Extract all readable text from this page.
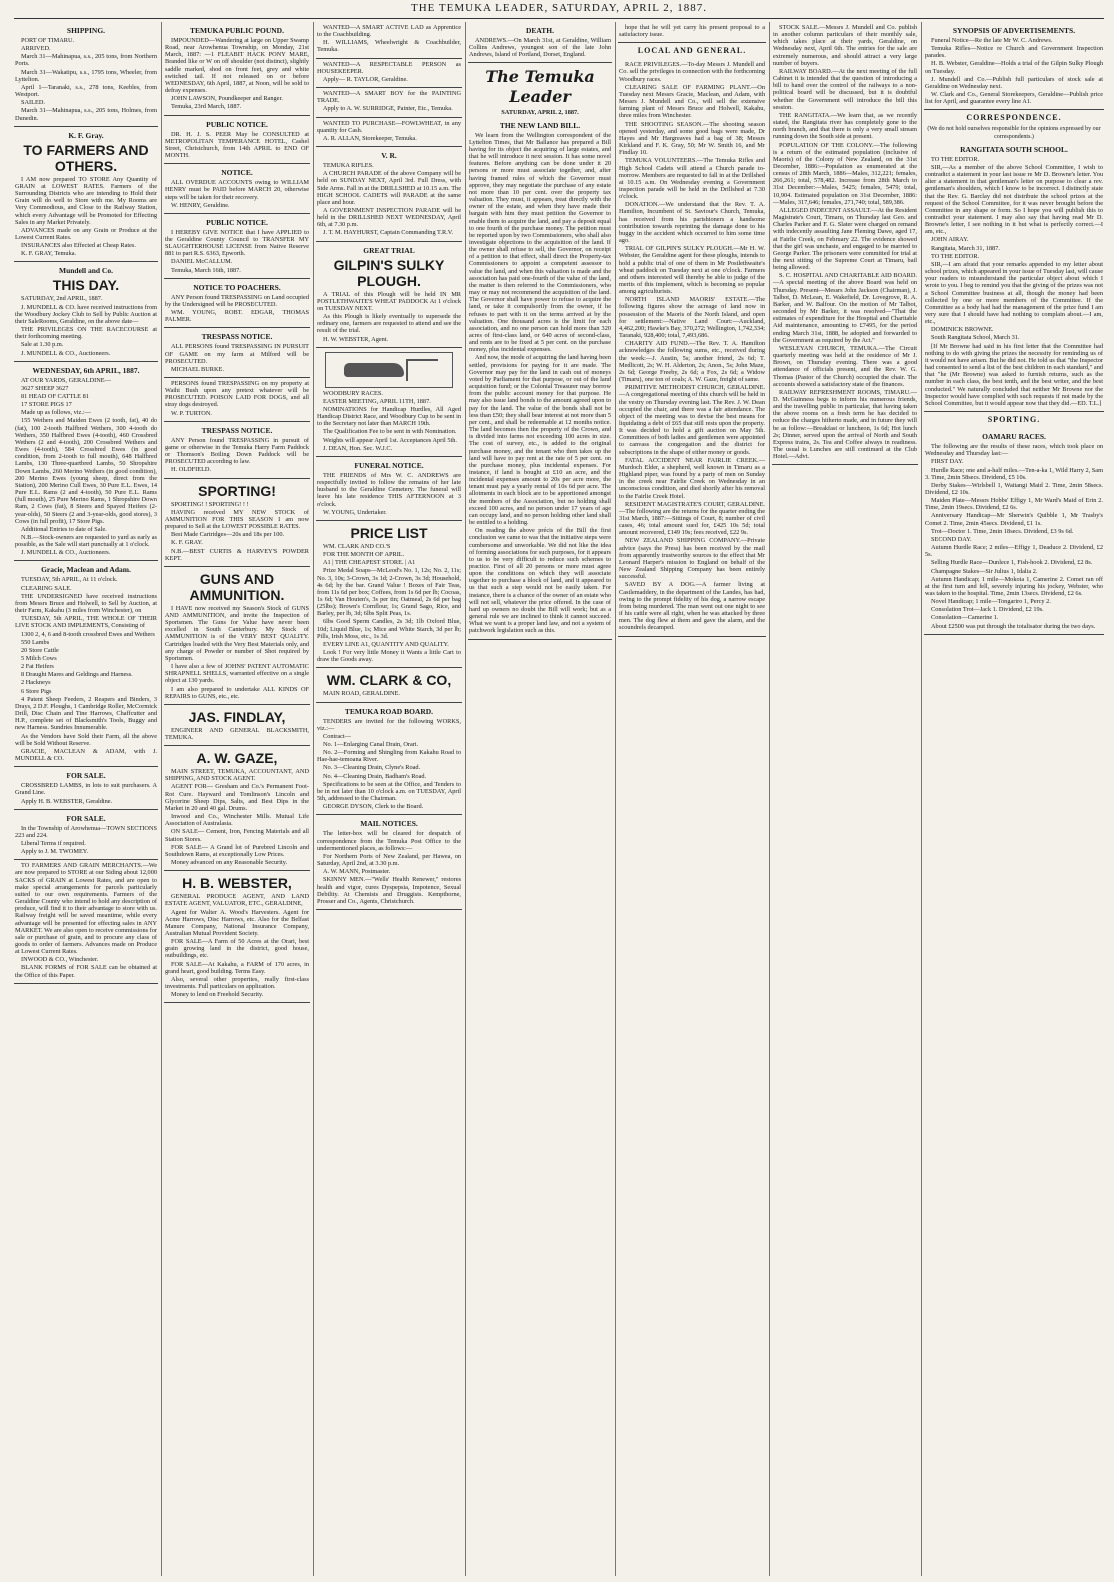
THE TEMUKA LEADER, SATURDAY, APRIL 2, 1887.
SHIPPING.

PORT OF TIMARU.

ARRIVED.

March 31—Mahinapua, s.s., 205 tons, from Northern Ports.

March 31—Wakatipu, s.s., 1795 tons, Wheeler, from Lyttelton.

April 1—Taranaki, s.s., 278 tons, Keebles, from Westport.

SAILED.

March 31—Mahinapua, s.s., 205 tons, Holmes, from Dunedin.

K. F. Gray.
TO FARMERS AND OTHERS.

I AM now prepared TO STORE Any Quantity of GRAIN at LOWEST RATES. Farmers of the Surrounding Districts who are intending to Hold their Grain will do well to Store with me. My Rooms are Very Commodious, and Close to the Railway Station, which every Advantage will be Promoted for Effecting Sales in any Market Privately.

ADVANCES made on any Grain or Produce at the Lowest Current Rates.

INSURANCES also Effected at Cheap Rates.

K. F. GRAY, Temuka.

Mundell and Co.
THIS DAY.

SATURDAY, 2nd APRIL, 1887.

J. MUNDELL & CO. have received instructions from the Woodbury Jockey Club to Sell by Public Auction at their SaleRooms, Geraldine, on the above date—

THE PRIVILEGES ON THE RACECOURSE at their forthcoming meeting.

Sale at 1.30 p.m.

J. MUNDELL & CO., Auctioneers.

WEDNESDAY, 6th APRIL, 1887.

AT OUR YARDS, GERALDINE—

3627 SHEEP 3627

81 HEAD OF CATTLE 81

17 STORE PIGS 17

Made up as follows, viz.:—

155 Wethers and Maiden Ewes (2 tooth, fat), 40 do (fat), 100 2-tooth Halfbred Wethers, 300 4-tooth do Wethers, 350 Halfbred Ewes (4-tooth), 460 Crossbred Wethers (2 and 4-tooth), 200 Crossbred Wethers and Ewes (4-tooth), 584 Crossbred Ewes (in good condition, from 2-tooth to full mouth), 648 Halfbred Lambs, 130 Three-quartbred Lambs, 50 Shropshire Down Lambs, 260 Merino Wethers (in good condition), 200 Merino Ewes (young sheep, direct from the Station), 200 Merino Cull Ewes, 30 Pure E.L. Ewes, 14 Pure E.L. Rams (2 and 4-tooth), 50 Pure E.L. Rams (full mouth), 25 Pure Merino Rams, 1 Shropshire Down Ram, 2 Cows (fat), 8 Steers and Spayed Heifers (2-year-olds), 50 Steers (2 and 3-year-olds, good stores), 3 Cows (in full profit), 17 Store Pigs.

Additional Entries to date of Sale.

N.B.—Stock-owners are requested to yard as early as possible, as the Sale will start punctually at 1 o'clock.

J. MUNDELL & CO., Auctioneers.

Gracie, Maclean and Adam.

TUESDAY, 5th APRIL, At 11 o'clock.

CLEARING SALE.

THE UNDERSIGNED have received instructions from Messrs Bruce and Holwell, to Sell by Auction, at their Farm, Kakahu (3 miles from Winchester), on

TUESDAY, 5th APRIL, THE WHOLE OF THEIR LIVE STOCK AND IMPLEMENTS, Consisting of

1300 2, 4, 6 and 8-tooth crossbred Ewes and Wethers

550 Lambs

20 Store Cattle

5 Milch Cows

2 Fat Heifers

8 Draught Mares and Geldings and Harness.

2 Hackneys

6 Store Pigs

4 Patent Sheep Feeders, 2 Reapers and Binders, 3 Drays, 2 D.F. Ploughs, 1 Cambridge Roller, McCormick Drill, Disc Chain and Tine Harrows, Chaffcutter and H.P., complete set of Blacksmith's Tools, Buggy and new Harness. Sundries Innumerable.

As the Vendors have Sold their Farm, all the above will be Sold Without Reserve.

GRACIE, MACLEAN & ADAM, with J. MUNDELL & CO.

FOR SALE.

CROSSBRED LAMBS, in lots to suit purchasers. A Grand Line.

Apply H. B. WEBSTER, Geraldine.

FOR SALE.

In the Township of Arowhenua—TOWN SECTIONS 223 and 224.

Liberal Terms if required.

Apply to J. M. TWOMEY.

TO FARMERS AND GRAIN MERCHANTS.—We are now prepared to STORE at our Siding about 12,000 SACKS of GRAIN at Lowest Rates, and are open to make special arrangements for parcels particularly suited to our own requirements. Farmers of the Geraldine County who intend to hold any description of produce, will find it to their advantage to store with us. Railway freight will be saved meantime, while every advantage will be presented for effecting sales in ANY MARKET. We are also open to receive commissions for sale or purchase of grain, and to procure any class of goods to order of farmers. Advances made on Produce at Lowest Current Rates.

INWOOD & CO., Winchester.

BLANK FORMS of FOR SALE can be obtained at the Office of this Paper.

TEMUKA PUBLIC POUND.

IMPOUNDED—Wandering at large on Upper Swamp Road, near Arowhenua Township, on Monday, 21st March, 1887: —1 FLEABIT HACK PONY MARE, Branded like or W on off shoulder (not distinct), slightly saddle marked, shod on front feet, grey and white switched tail. If not released on or before WEDNESDAY, 6th April, 1887, at Noon, will be sold to defray expenses.

JOHN LAWSON, Poundkeeper and Ranger.

Temuka, 23rd March, 1887.

PUBLIC NOTICE.

DR. H. J. S. PEER May be CONSULTED at METROPOLITAN TEMPERANCE HOTEL, Cashel Street, Christchurch, from 14th APRIL to END OF MONTH.

NOTICE.

ALL OVERDUE ACCOUNTS owing to WILLIAM HENRY must be PAID before MARCH 20, otherwise steps will be taken for their recovery.

W. HENRY, Geraldine.

PUBLIC NOTICE.

I HEREBY GIVE NOTICE that I have APPLIED to the Geraldine County Council to TRANSFER MY SLAUGHTERHOUSE LICENSE from Native Reserve 881 to part R.S. 6363, Epworth.

DANIEL McCALLUM.

Temuka, March 16th, 1887.

NOTICE TO POACHERS.

ANY Person found TRESPASSING on Land occupied by the Undersigned will be PROSECUTED.

WM. YOUNG, ROBT. EDGAR, THOMAS PALMER.

TRESPASS NOTICE.

ALL PERSONS found TRESPASSING IN PURSUIT OF GAME on my farm at Milford will be PROSECUTED.

MICHAEL BURKE.

PERSONS found TRESPASSING on my property at Waihi Bush upon any pretext whatever will be PROSECUTED. POISON LAID FOR DOGS, and all stray dogs destroyed.

W. P. TURTON.

TRESPASS NOTICE.

ANY Person found TRESPASSING in pursuit of game or otherwise in the Temuka Harry Farm Paddock or Thomson's Boiling Down Paddock will be PROSECUTED according to law.

H. OLDFIELD.

SPORTING!

SPORTING! ! SPORTING! ! !

HAVING received MY NEW STOCK of AMMUNITION FOR THIS SEASON I am now prepared to Sell at the LOWEST POSSIBLE RATES.

Best Made Cartridges—20s and 18s per 100.

K. F. GRAY.

N.B.—BEST CURTIS & HARVEY'S POWDER KEPT.

GUNS AND AMMUNITION.

I HAVE now received my Season's Stock of GUNS AND AMMUNITION, and invite the Inspection of Sportsmen. The Guns for Value have never been excelled in South Canterbury. My Stock of AMMUNITION is of the VERY BEST QUALITY. Cartridges loaded with the Very Best Materials only, and any charge of Powder or number of Shot required by Sportsmen.

I have also a few of JOHNS' PATENT AUTOMATIC SHRAPNELL SHELLS, warranted effective on a single object at 130 yards.

I am also prepared to undertake ALL KINDS OF REPAIRS to GUNS, etc., etc.

JAS. FINDLAY,

ENGINEER AND GENERAL BLACKSMITH, TEMUKA.

A. W. GAZE,

MAIN STREET, TEMUKA, ACCOUNTANT, AND SHIPPING, AND STOCK AGENT.

AGENT FOR— Gresham and Co.'s Permanent Foot-Rot Cure. Hayward and Tomlinson's Lincoln and Glycerine Sheep Dips, Salts, and Best Dips in the Market in 20 and 40 gal. Drums.

Inwood and Co., Winchester Mills. Mutual Life Association of Australasia.

ON SALE— Cement, Iron, Fencing Materials and all Station Stores.

FOR SALE— A Grand lot of Purebred Lincoln and Southdown Rams, at exceptionally Low Prices.

Money advanced on any Reasonable Security.

H. B. WEBSTER,

GENERAL PRODUCE AGENT, AND LAND ESTATE AGENT, VALUATOR, ETC., GERALDINE,

Agent for Walter A. Wood's Harvesters. Agent for Acme Harrows, Disc Harrows, etc. Also for the Belfast Manure Company, National Insurance Company, Australian Mutual Provident Society.

FOR SALE—A Farm of 50 Acres at the Orari, best grain growing land in the district, good house, outbuildings, etc.

FOR SALE—At Kakahu, a FARM of 170 acres, in grand heart, good building. Terms Easy.

Also, several other properties, really first-class investments. Full particulars on application.

Money to lend on Freehold Security.

WANTED—A SMART ACTIVE LAD as Apprentice to the Coachbuilding.

H. WILLIAMS, Wheelwright & Coachbuilder, Temuka.

WANTED—A RESPECTABLE PERSON as HOUSEKEEPER.

Apply— R. TAYLOR, Geraldine.

WANTED—A SMART BOY for the PAINTING TRADE.

Apply to A. W. SURRIDGE, Painter, Etc., Temuka.

WANTED TO PURCHASE—FOWLWHEAT, in any quantity for Cash.

A. R. ALLAN, Storekeeper, Temuka.

V. R.

TEMUKA RIFLES.

A CHURCH PARADE of the above Company will be held on SUNDAY NEXT, April 3rd. Full Dress, with Side Arms. Fall in at the DRILLSHED at 10.15 a.m. The HIGH SCHOOL CADETS will PARADE at the same place and hour.

A GOVERNMENT INSPECTION PARADE will be held in the DRILLSHED NEXT WEDNESDAY, April 6th, at 7.30 p.m.

J. T. M. HAYHURST, Captain Commanding T.R.V.

GREAT TRIAL
GILPIN'S SULKY PLOUGH.

A TRIAL of this Plough will be held IN MR POSTLETHWAITE'S WHEAT PADDOCK At 1 o'clock on TUESDAY NEXT.

As this Plough is likely eventually to supersede the ordinary one, farmers are requested to attend and see the result of the trial.

H. W. WEBSTER, Agent.

WOODBURY RACES.

EASTER MEETING, APRIL 11TH, 1887.

NOMINATIONS for Handicap Hurdles, All Aged Handicap District Race, and Woodbury Cup to be sent in to the Secretary not later than MARCH 19th.

The Qualification Fee to be sent in with Nomination.

Weights will appear April 1st. Acceptances April 5th.

J. DEAN, Hon. Sec. W.J.C.

FUNERAL NOTICE.

THE FRIENDS of Mrs W. C. ANDREWS are respectfully invited to follow the remains of her late husband to the Geraldine Cemetery. The funeral will leave his late residence THIS AFTERNOON at 3 o'clock.

W. YOUNG, Undertaker.

PRICE LIST

WM. CLARK AND CO.'S

FOR THE MONTH OF APRIL.

A1 | THE CHEAPEST STORE. | A1

Prize Medal Soaps—McLeod's No. 1, 12s; No. 2, 11s; No. 3, 10s; 3-Crown, 3s 1d; 2-Crown, 3s 3d; Household, 4s 6d; by the bar. Grand Value ! Boxes of Fair Teas, from 11s 6d per box; Coffees, from 1s 6d per lb; Cocoas, 1s 6d; Van Houten's, 3s per tin; Oatmeal, 2s 6d per bag (25lbs); Brown's Cornflour, 1s; Grand Sago, Rice, and Barley, per lb, 3d; 6lbs Split Peas, 1s.

6lbs Good Sperm Candles, 2s 3d; 1lb Oxford Blue, 10d; Liquid Blue, 1s; Mice and White Starch, 3d per lb; Pills, Irish Moss, etc., 1s 3d.

EVERY LINE A1, QUANTITY AND QUALITY.

Look ! For very little Money it Wants a little Cart to draw the Goods away.

WM. CLARK & CO,

MAIN ROAD, GERALDINE.

TEMUKA ROAD BOARD.

TENDERS are invited for the following WORKS, viz.:—

Contract—

No. 1—Enlarging Canal Drain, Orari.

No. 2—Forming and Shingling from Kakahu Road to Hae-hae-temoana River.

No. 3—Cleaning Drain, Clyne's Road.

No. 4—Cleaning Drain, Badham's Road.

Specifications to be seen at the Office, and Tenders to be in not later than 10 o'clock a.m. on TUESDAY, April 5th, addressed to the Chairman.

GEORGE DYSON, Clerk to the Board.

MAIL NOTICES.

The letter-box will be cleared for despatch of correspondence from the Temuka Post Office to the undermentioned places, as follows:—

For Northern Ports of New Zealand, per Hawea, on Saturday, April 2nd, at 3.30 p.m.

A. W. MANN, Postmaster.

SKINNY MEN.—"Wells' Health Renewer," restores health and vigor, cures Dyspepsia, Impotence, Sexual Debility. At Chemists and Druggists. Kempthorne, Prosser and Co., Agents, Christchurch.

DEATH.

ANDREWS.—On March 31st, at Geraldine, William Collins Andrews, youngest son of the late John Andrews, Island of Portland, Dorset, England.

The Temuka Leader
SATURDAY, APRIL 2, 1887.
THE NEW LAND BILL.

We learn from the Wellington correspondent of the Lyttelton Times, that Mr Ballance has prepared a Bill having for its object the acquiring of large estates, and that he will introduce it next session. It has some novel features. Before anything can be done under it 20 persons or more must associate together, and, after having framed rules of which the Governor must approve, they may negotiate the purchase of any estate not more than 10 per cent. over the property tax valuation. They must, it appears, treat directly with the owner of the estate, and when they have made their bargain with him they must petition the Governor to enable them to acquire the land, and pay a deposit equal to one fourth of the purchase money. The petition must be reported upon by two Commissioners, who shall also investigate objections to the acquisition of the land. If the owner shall refuse to sell, the Governor, on receipt of a petition to that effect, shall direct the Property-tax Commissioners to appoint a competent assessor to value the land, and when this valuation is made and the association has paid one-fourth of the value of the land, the matter is then referred to the Commissioners, who may or may not recommend the acquisition of the land. The Governor shall have power to refuse to acquire the land, or take it compulsorily from the owner, if he refuses to part with it on the terms arrived at by the valuation. One thousand acres is the limit for each association, and no one person can hold more than 320 acres of first-class land, or 640 acres of second-class, and rents are to be fixed at 5 per cent. on the purchase money, plus incidental expenses.

And now, the mode of acquiring the land having been settled, provisions for paying for it are made. The Governor may pay for the land in cash out of moneys voted by Parliament for that purpose, or out of the land acquisition fund; or the Colonial Treasurer may borrow from the public account money for that purpose. He may also issue land bonds to the amount agreed upon to pay for the land. The value of the bonds shall not be less than £50; they shall bear interest at not more than 5 per cent., and shall be redeemable at 12 months notice. The land becomes then the property of the Crown, and is divided into farms not exceeding 100 acres in size. The cost of survey, etc., is added to the original purchase money, and the tenant who then takes up the land will have to pay rent at the rate of 5 per cent. on the purchase money, plus incidental expenses. For instance, if land is bought at £10 an acre, and the incidental expenses amount to 20s per acre more, the tenant must pay a yearly rental of 10s 6d per acre. The allotments in each block are to be apportioned amongst the members of the Association, but no holding shall exceed 100 acres, and no person under 17 years of age can occupy land, and no person holding other land shall be entitled to a holding.

On reading the above précis of the Bill the first conclusion we came to was that the initiative steps were cumbersome and unworkable. We did not like the idea of forming associations for such purposes, for it appears to us to be very difficult to reduce such schemes to practice. First of all 20 persons or more must agree upon the conditions on which they will associate together to purchase a block of land, and it appeared to us that such a step would not be easily taken. For instance, there is a chance of the owner of an estate who will not sell, whatever the price offered. In the case of hard up owners no doubt the Bill will work; but as a general rule we are inclined to think it cannot succeed. What we want is a proper land law, and not a system of patchwork legislation such as this.

hope that he will yet carry his present proposal to a satisfactory issue.

LOCAL AND GENERAL.

RACE PRIVILEGES.—To-day Messrs J. Mundell and Co. sell the privileges in connection with the forthcoming Woodbury races.

CLEARING SALE OF FARMING PLANT.—On Tuesday next Messrs Gracie, Maclean, and Adam, with Messrs J. Mundell and Co., will sell the extensive farming plant of Messrs Bruce and Holwell, Kakahu, three miles from Winchester.

THE SHOOTING SEASON.—The shooting season opened yesterday, and some good bags were made, Dr Hayes and Mr Hargreaves had a bag of 38; Messrs Kirkland and F. K. Gray, 50; Mr W. Smith 16, and Mr Findlay 10.

TEMUKA VOLUNTEERS.—The Temuka Rifles and High School Cadets will attend a Church parade to-morrow. Members are requested to fall in at the Drillshed at 10.15 a.m. On Wednesday evening a Government inspection parade will be held in the Drillshed at 7.30 o'clock.

DONATION.—We understand that the Rev. T. A. Hamilton, Incumbent of St. Saviour's Church, Temuka, has received from his parishioners a handsome contribution towards reprinting the damage done to his buggy in the accident which occurred to him some time ago.

TRIAL OF GILPIN'S SULKY PLOUGH.—Mr H. W. Webster, the Geraldine agent for these ploughs, intends to hold a public trial of one of them in Mr Postlethwaite's wheat paddock on Tuesday next at one o'clock. Farmers and others interested will thereby be able to judge of the merits of this implement, which is becoming so popular among agriculturists.

NORTH ISLAND MAORIS' ESTATE.—The following figures show the acreage of land now in possession of the Maoris of the North Island, and open for settlement:—Native Land Court:—Auckland, 4,462,200; Hawke's Bay, 370,272; Wellington, 1,742,334; Taranaki, 928,400; total, 7,493,686.

CHARITY AID FUND.—The Rev. T. A. Hamilton acknowledges the following sums, etc., received during the week:—J. Austin, 5s; another friend, 2s 6d; T. Medlicott, 2s; W. H. Alderton, 2s; Anon., 5s; John Maze, 2s 6d; George Freeby, 2s 6d; a Fox, 2s 6d; a Widow (Timaru), one ton of coals; A. W. Gaze, freight of same.

PRIMITIVE METHODIST CHURCH, GERALDINE.—A congregational meeting of this church will be held in the vestry on Thursday evening last. The Rev. J. W. Dean occupied the chair, and there was a fair attendance. The object of the meeting was to devise the best means for liquidating a debt of £65 that still rests upon the property. It was decided to hold a gift auction on May 5th. Committees of both ladies and gentlemen were appointed to canvass the congregation and the district for subscriptions in the shape of either money or goods.

FATAL ACCIDENT NEAR FAIRLIE CREEK.—Murdoch Elder, a shepherd, well known in Timaru as a Highland piper, was found by a party of men on Sunday in the creek near Fairlie Creek on Wednesday in an unconscious condition, and died shortly after his removal to the Fairlie Creek Hotel.

RESIDENT MAGISTRATE'S COURT, GERALDINE.—The following are the returns for the quarter ending the 31st March, 1887:—Sittings of Court, 8; number of civil cases, 46; total amount sued for, £425 10s 5d; total amount recovered, £149 19s; fees received, £22 9s.

NEW ZEALAND SHIPPING COMPANY.—Private advice (says the Press) has been received by the mail from apparently trustworthy sources to the effect that Mr Leonard Harper's mission to England on behalf of the New Zealand Shipping Company has been entirely successful.

SAVED BY A DOG.—A farmer living at Castlemaddery, in the department of the Landes, has had, owing to the prompt fidelity of his dog, a narrow escape from being murdered. The man went out one night to see if his cattle were all right, when he was attacked by three men. The dog flew at them and gave the alarm, and the scoundrels decamped.

STOCK SALE.—Messrs J. Mundell and Co. publish in another column particulars of their monthly sale, which takes place at their yards, Geraldine, on Wednesday next, April 6th. The entries for the sale are extremely numerous, and should attract a very large number of buyers.

RAILWAY BOARD.—At the next meeting of the full Cabinet it is intended that the question of introducing a bill to hand over the control of the railways to a non-political board will be discussed, but it is doubtful whether the Government will introduce the bill this session.

THE RANGITATA.—We learn that, as we recently stated, the Rangitata river has completely gone to the north branch, and that there is only a very small stream running down the South side at present.

POPULATION OF THE COLONY.—The following is a return of the estimated population (inclusive of Maoris) of the Colony of New Zealand, on the 31st December, 1886:—Population as enumerated at the census of 28th March, 1886—Males, 312,221; females, 266,261; total, 578,482. Increase from 28th March to 31st December:—Males, 5425; females, 5479; total, 10,904. Estimated population on 31st December, 1886:—Males, 317,646; females, 271,740; total, 589,386.

ALLEGED INDECENT ASSAULT.—At the Resident Magistrate's Court, Timaru, on Thursday last Geo. and Charles Parker and F. G. Slater were charged on remand with indecently assaulting Jane Fleming Dawe, aged 17, at Fairlie Creek, on February 22. The evidence showed that the girl was unchaste, and engaged to be married to George Parker. The prisoners were committed for trial at the next sitting of the Supreme Court at Timaru, bail being allowed.

S. C. HOSPITAL AND CHARITABLE AID BOARD.—A special meeting of the above Board was held on Thursday. Present—Messrs John Jackson (Chairman), J. Talbot, D. McLean, E. Wakefield, Dr. Lovegrove, R. A. Barker, and W. Balfour. On the motion of Mr Talbot, seconded by Mr Barker, it was resolved—"That the estimates of expenditure for the Hospital and Charitable Aid maintenance, amounting to £7495, for the period ending March 31st, 1888, be adopted and forwarded to the Government as required by the Act."

WESLEYAN CHURCH, TEMUKA.—The Circuit quarterly meeting was held at the residence of Mr J. Brown, on Thursday evening. There was a good attendance of officials present, and the Rev. W. G. Thomas (Pastor of the Church) occupied the chair. The accounts showed a satisfactory state of the finances.

RAILWAY REFRESHMENT ROOMS, TIMARU.—D. McGuinness begs to inform his numerous friends, and the travelling public in particular, that having taken the above rooms on a fresh term he has decided to reduce the charges hitherto made, and in future they will be as follow:—Breakfast or luncheon, 1s 6d; Hot lunch 2s; Dinner, served upon the arrival of North and South Express trains, 2s. Tea and Coffee always in readiness. The usual is Lunches are still continued at the Club Hotel.—Advt.

SYNOPSIS OF ADVERTISEMENTS.

Funeral Notice—Re the late Mr W. C. Andrews.

Temuka Rifles—Notice re Church and Government Inspection parades.

H. B. Webster, Geraldine—Holds a trial of the Gilpin Sulky Plough on Tuesday.

J. Mundell and Co.—Publish full particulars of stock sale at Geraldine on Wednesday next.

W. Clark and Co., General Storekeepers, Geraldine—Publish price list for April, and guarantee every line A1.

CORRESPONDENCE.
(We do not hold ourselves responsible for the opinions expressed by our correspondents.)
RANGITATA SOUTH SCHOOL.

TO THE EDITOR.

SIR,—As a member of the above School Committee, I wish to contradict a statement in your last issue re Mr D. Browne's letter. You alter a statement in that gentleman's letter on purpose to clear a rev. gentleman's shoulders, which I know to be incorrect. I distinctly state that the Rev. G. Barclay did not distribute the school prizes at the request of the School Committee, for it was never brought before the Committee in any shape or form. So I hope you will publish this to contradict your statement. I may also say that having read Mr D. Browne's letter, I see nothing in it but what is perfectly correct.—I am, etc.,

JOHN AIRAY.

Rangitata, March 31, 1887.

TO THE EDITOR.

SIR,—I am afraid that your remarks appended to my letter about school prizes, which appeared in your issue of Tuesday last, will cause your readers to misunderstand the particular object about which I wrote to you. I beg to remind you that the giving of the prizes was not a School Committee business at all, though the money had been collected by one or more members of the Committee. If the Committee as a body had had the management of the prize fund I am very sure that I should have had nothing to complain about.—I am, etc.,

DOMINICK BROWNE.

South Rangitata School, March 31.

[If Mr Browne had said in his first letter that the Committee had nothing to do with giving the prizes the necessity for reminding us of it would not have arisen. But he did not. He told us that "the Inspector had consented to send a list of the best children in each standard," and that "he (Mr Browne) was asked to furnish returns, such as the number in each class, the best tenth, and the best writer, and the best conducted." We naturally concluded that neither Mr Browne nor the Inspector would have complied with such requests if not made by the School Committee, but it would appear now that they did.—ED. T.L.]

SPORTING.
OAMARU RACES.

The following are the results of these races, which took place on Wednesday and Thursday last:—

FIRST DAY.

Hurdle Race; one and a-half miles.—Ten-a-ka 1, Wild Harry 2, Sam 3. Time, 2min 58secs. Dividend, £5 10s.

Derby Stakes—Wirlsbell 1, Waitangi Maid 2. Time, 2min 58secs. Dividend, £2 10s.

Maiden Plate—Messrs Hobbs' Effigy 1, Mr Ward's Maid of Erin 2. Time, 2min 19secs. Dividend, £2 6s.

Anniversary Handicap—Mr Sherwin's Quibble 1, Mr Trasby's Comet 2. Time, 2min 45secs. Dividend, £1 1s.

Trot—Doctor 1. Time, 2min 18secs. Dividend, £3 9s 6d.

SECOND DAY.

Autumn Hurdle Race; 2 miles—Effigy 1, Deaduce 2. Dividend, £2 5s.

Selling Hurdle Race—Dunlece 1, Fish-hook 2. Dividend, £2 8s.

Champagne Stakes—Sir Julius 1, Idalia 2.

Autumn Handicap; 1 mile—Mokoia 1, Camerine 2. Comet ran off at the first turn and fell, severely injuring his jockey, Webster, who was taken to the hospital. Time, 2min 13secs. Dividend, £2 6s.

Novel Handicap; 1 mile—Tongariro 1, Percy 2.

Consolation Trot—Jack 1. Dividend, £2 19s.

Consolation—Camerine 1.

About £2500 was put through the totalisator during the two days.
